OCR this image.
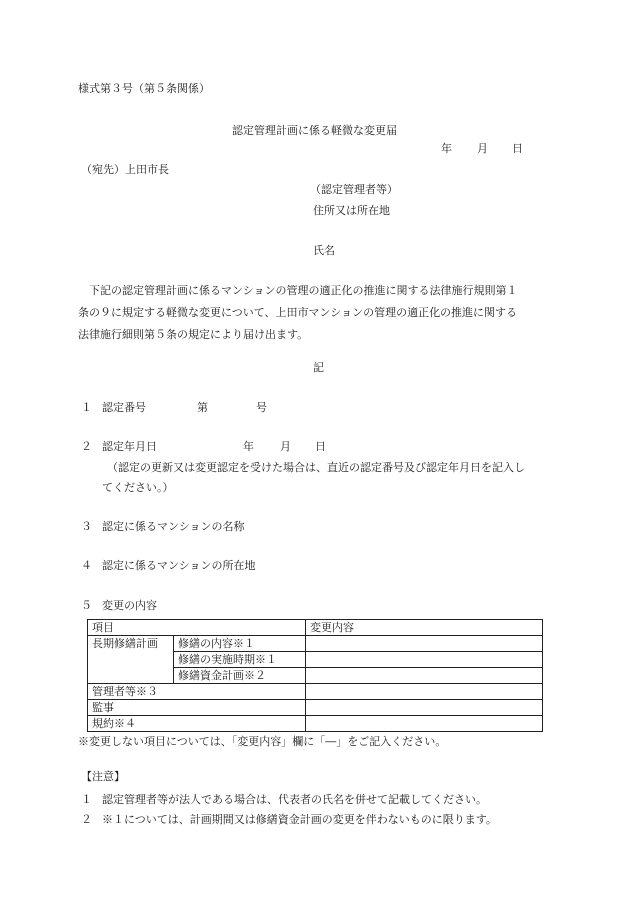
様式第３号（第５条関係）
認定管理計画に係る軽微な変更届
年 月 日
（宛先）上田市長
（認定管理者等）
住所又は所在地
氏名
下記の認定管理計画に係るマンションの管理の適正化の推進に関する法律施行規則第１
条の９に規定する軽微な変更について、上田市マンションの管理の適正化の推進に関する
法律施行細則第５条の規定により届け出ます。
記
１ 認定番号	第	号
２ 認定年月日	年 月 日
（認定の更新又は変更認定を受けた場合は、直近の認定番号及び認定年月日を記入し
てください。）
３ 認定に係るマンションの名称
４ 認定に係るマンションの所在地
５ 変更の内容
項目		変更内容
長期修繕計画	修繕の内容※１	
	修繕の実施時期※１	
	修繕資金計画※２	
管理者等※３		
監事		
規約※４		
※変更しない項目については、「変更内容」欄に「―」をご記入ください。
【注意】
１ 認定管理者等が法人である場合は、代表者の氏名を併せて記載してください。
２ ※１については、計画期間又は修繕資金計画の変更を伴わないものに限ります。
